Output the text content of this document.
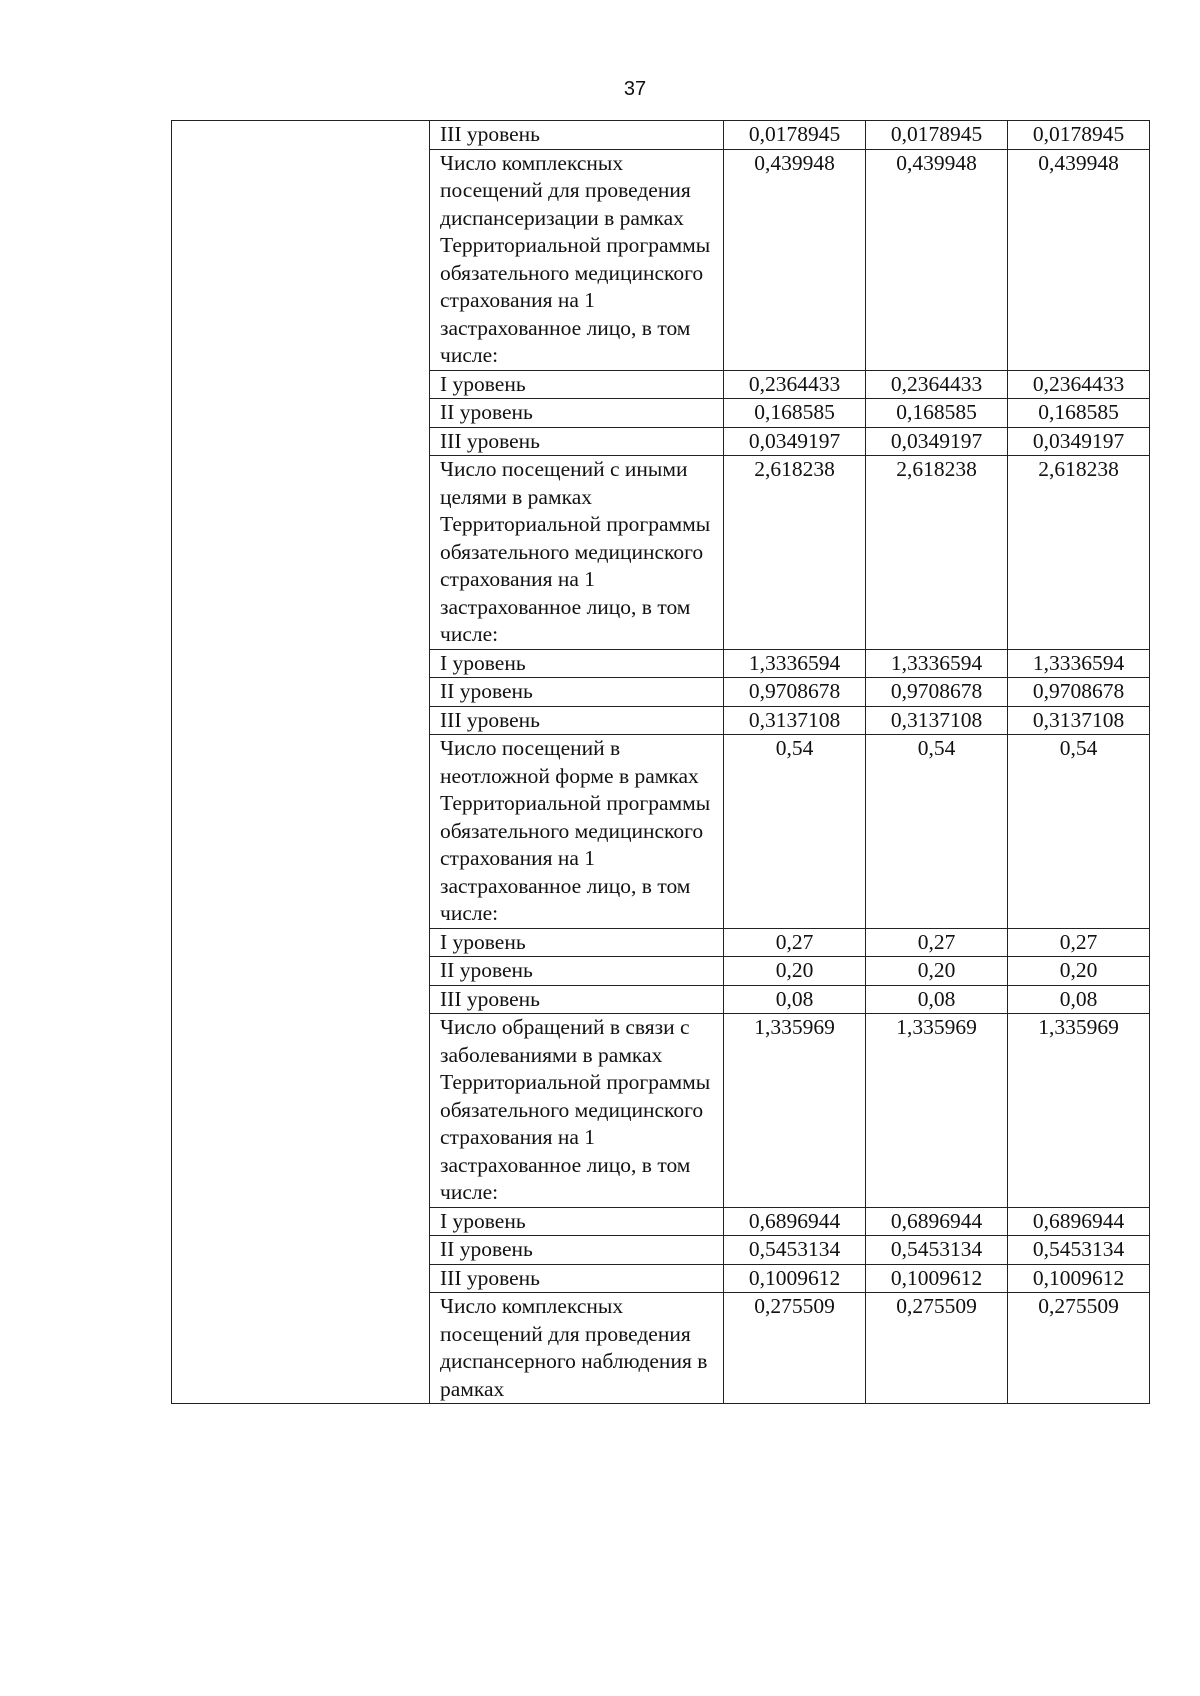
37
	III уровень	0,0178945	0,0178945	0,0178945
	Число комплексных посещений для проведения диспансеризации в рамках Территориальной программы обязательного медицинского страхования на 1 застрахованное лицо, в том числе:	0,439948	0,439948	0,439948
	I уровень	0,2364433	0,2364433	0,2364433
	II уровень	0,168585	0,168585	0,168585
	III уровень	0,0349197	0,0349197	0,0349197
	Число посещений с иными целями в рамках Территориальной программы обязательного медицинского страхования на 1 застрахованное лицо, в том числе:	2,618238	2,618238	2,618238
	I уровень	1,3336594	1,3336594	1,3336594
	II уровень	0,9708678	0,9708678	0,9708678
	III уровень	0,3137108	0,3137108	0,3137108
	Число посещений в неотложной форме в рамках Территориальной программы обязательного медицинского страхования на 1 застрахованное лицо, в том числе:	0,54	0,54	0,54
	I уровень	0,27	0,27	0,27
	II уровень	0,20	0,20	0,20
	III уровень	0,08	0,08	0,08
	Число обращений в связи с заболеваниями в рамках Территориальной программы обязательного медицинского страхования на 1 застрахованное лицо, в том числе:	1,335969	1,335969	1,335969
	I уровень	0,6896944	0,6896944	0,6896944
	II уровень	0,5453134	0,5453134	0,5453134
	III уровень	0,1009612	0,1009612	0,1009612
	Число комплексных посещений для проведения диспансерного наблюдения в рамках	0,275509	0,275509	0,275509
